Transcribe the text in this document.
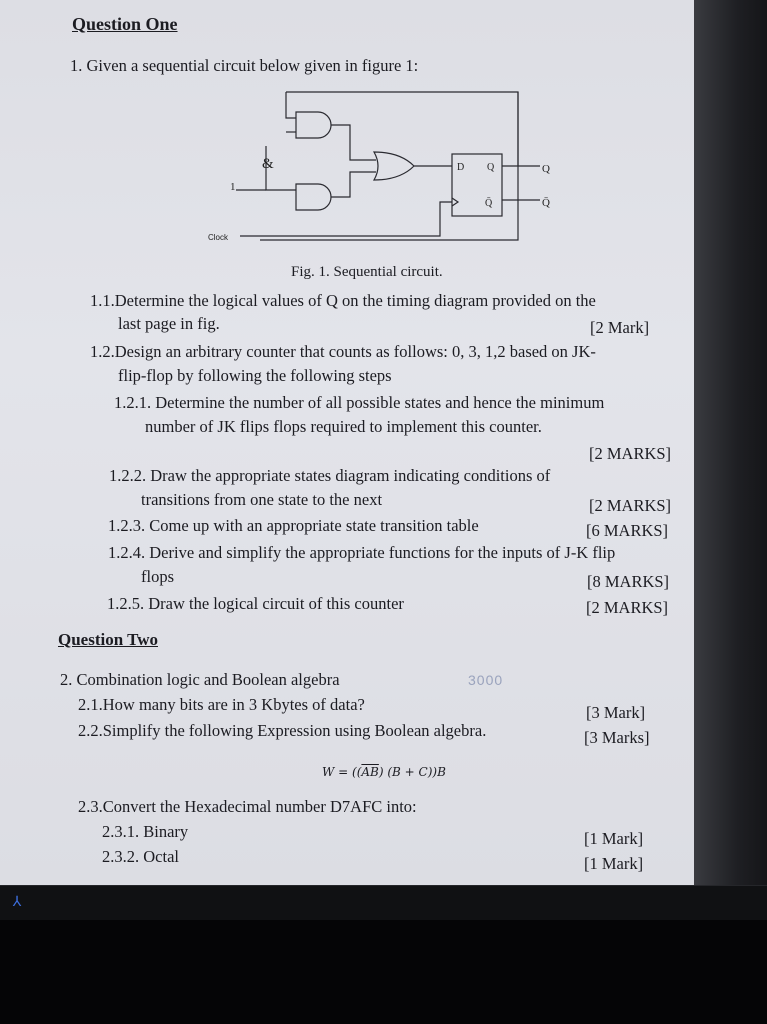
Question One
1. Given a sequential circuit below given in figure 1:
&
1
Clock
D Q
Q̄
Q
Q̄
Fig. 1. Sequential circuit.
1.1.Determine the logical values of Q on the timing diagram provided on the
last page in fig.	[2 Mark]
1.2.Design an arbitrary counter that counts as follows: 0, 3, 1,2 based on JK-
flip-flop by following the following steps
1.2.1. Determine the number of all possible states and hence the minimum
number of JK flips flops required to implement this counter.
[2 MARKS]
1.2.2. Draw the appropriate states diagram indicating conditions of
transitions from one state to the next	[2 MARKS]
1.2.3. Come up with an appropriate state transition table	[6 MARKS]
1.2.4. Derive and simplify the appropriate functions for the inputs of J-K flip
flops	[8 MARKS]
1.2.5. Draw the logical circuit of this counter	[2 MARKS]
Question Two
2. Combination logic and Boolean algebra	3000
2.1.How many bits are in 3 Kbytes of data?	[3 Mark]
2.2.Simplify the following Expression using Boolean algebra.	[3 Marks]
$W = ((\overline{AB}) (B + C))B$
2.3.Convert the Hexadecimal number D7AFC into:
2.3.1. Binary	[1 Mark]
2.3.2. Octal	[1 Mark]
⅄
